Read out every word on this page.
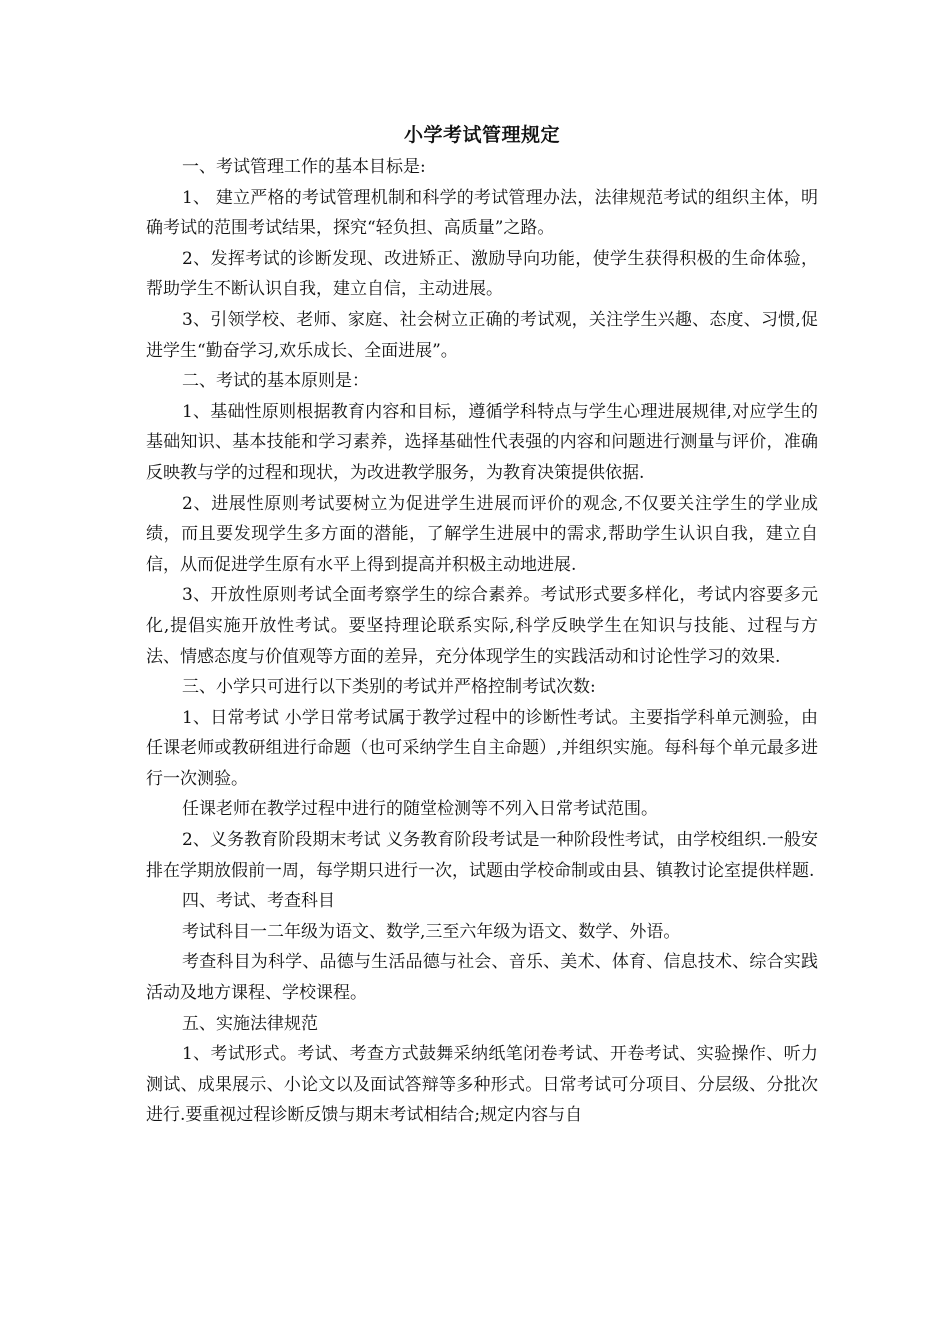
小学考试管理规定

一、考试管理工作的基本目标是:

1、 建立严格的考试管理机制和科学的考试管理办法，法律规范考试的组织主体，明确考试的范围考试结果，探究“轻负担、高质量”之路。

2、发挥考试的诊断发现、改进矫正、激励导向功能，使学生获得积极的生命体验，帮助学生不断认识自我，建立自信，主动进展。

3、引领学校、老师、家庭、社会树立正确的考试观，关注学生兴趣、态度、习惯,促进学生“勤奋学习,欢乐成长、全面进展”。

二、考试的基本原则是：

1、基础性原则根据教育内容和目标，遵循学科特点与学生心理进展规律,对应学生的基础知识、基本技能和学习素养，选择基础性代表强的内容和问题进行测量与评价，准确反映教与学的过程和现状，为改进教学服务，为教育决策提供依据.

2、进展性原则考试要树立为促进学生进展而评价的观念,不仅要关注学生的学业成绩，而且要发现学生多方面的潜能，了解学生进展中的需求,帮助学生认识自我，建立自信，从而促进学生原有水平上得到提高并积极主动地进展.

3、开放性原则考试全面考察学生的综合素养。考试形式要多样化，考试内容要多元化,提倡实施开放性考试。要坚持理论联系实际,科学反映学生在知识与技能、过程与方法、情感态度与价值观等方面的差异，充分体现学生的实践活动和讨论性学习的效果.

三、小学只可进行以下类别的考试并严格控制考试次数:

1、日常考试 小学日常考试属于教学过程中的诊断性考试。主要指学科单元测验，由任课老师或教研组进行命题（也可采纳学生自主命题）,并组织实施。每科每个单元最多进行一次测验。

任课老师在教学过程中进行的随堂检测等不列入日常考试范围。

2、义务教育阶段期末考试 义务教育阶段考试是一种阶段性考试，由学校组织.一般安排在学期放假前一周，每学期只进行一次，试题由学校命制或由县、镇教讨论室提供样题.

四、考试、考查科目

考试科目一二年级为语文、数学,三至六年级为语文、数学、外语。

考查科目为科学、品德与生活品德与社会、音乐、美术、体育、信息技术、综合实践活动及地方课程、学校课程。

五、实施法律规范

1、考试形式。考试、考查方式鼓舞采纳纸笔闭卷考试、开卷考试、实验操作、听力测试、成果展示、小论文以及面试答辩等多种形式。日常考试可分项目、分层级、分批次进行.要重视过程诊断反馈与期末考试相结合;规定内容与自
